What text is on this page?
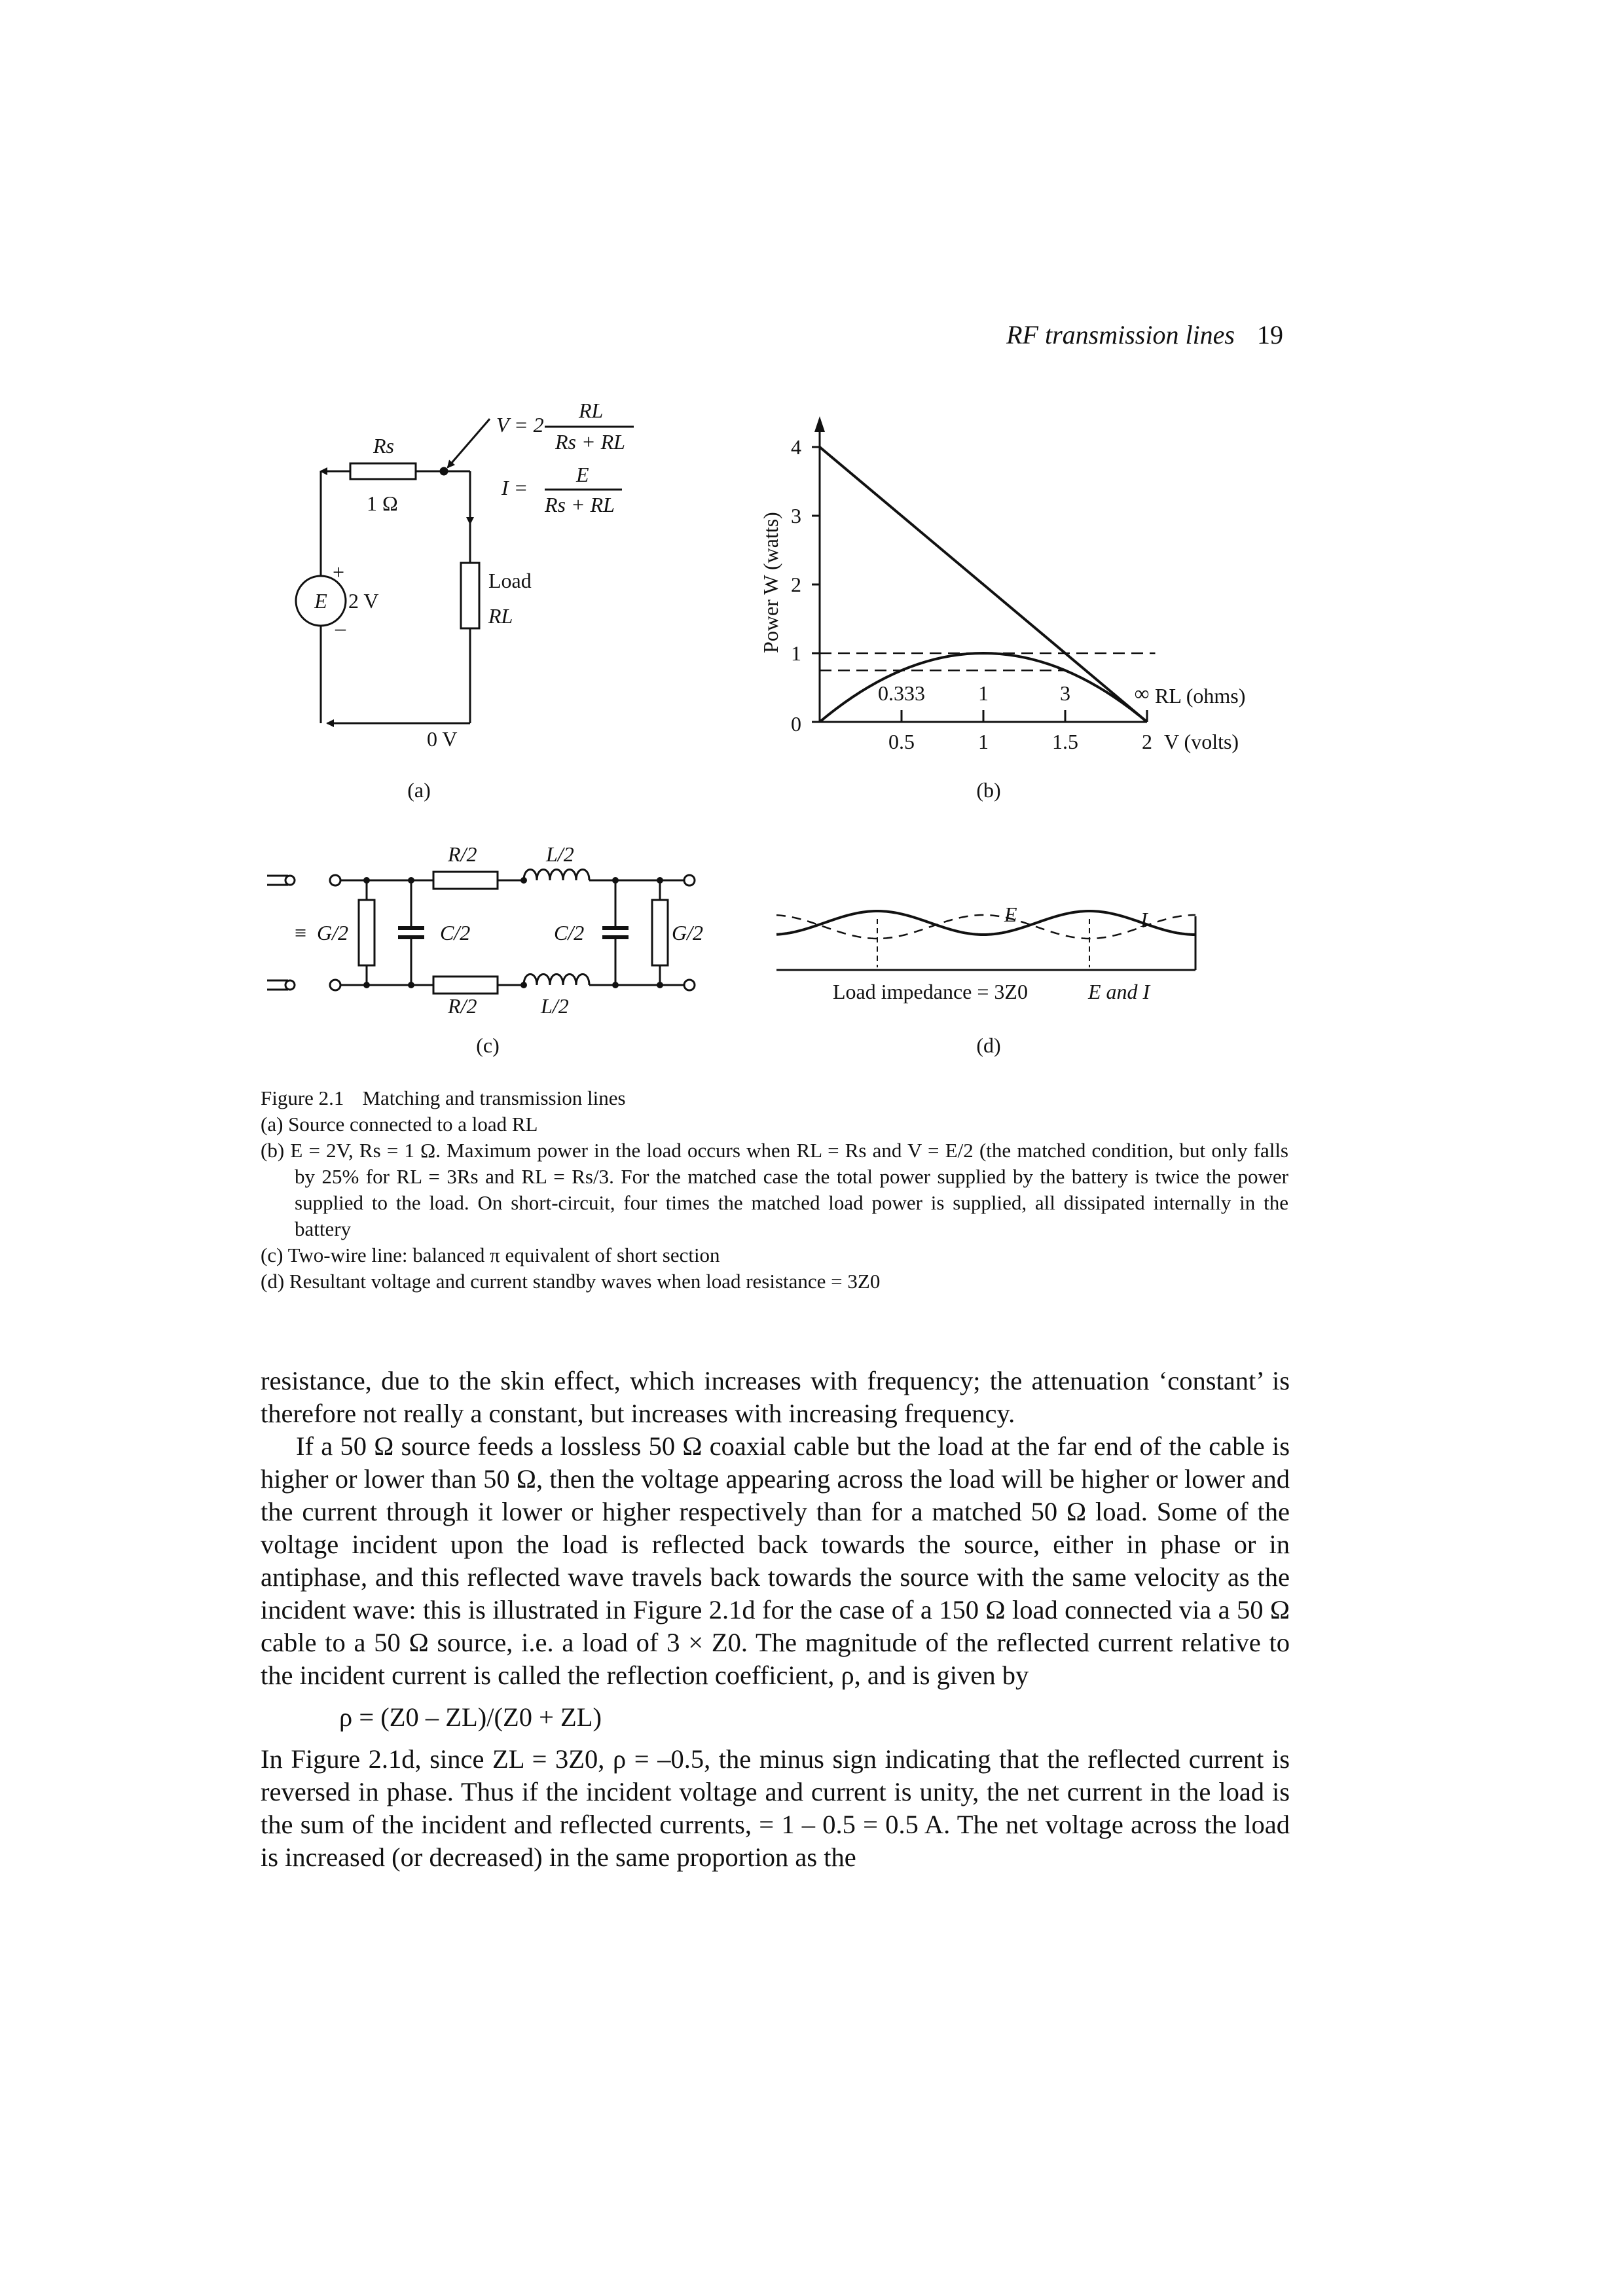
RF transmission lines 19
Rs
1 Ω
E 2 V
+
–
Load
RL
0 V
V = 2
RL
Rs + RL
I =
E
Rs + RL
(a)
Power W (watts)
V (volts)
RL (ohms)
(b)
0
1
2
3
4
0.5	1	1.5	2
0.333	1	3	∞
≡ G/2	C/2	C/2	G/2
R/2	L/2
R/2	L/2
(c)
E	I
Load impedance = 3Z0	E and I
(d)
Figure 2.1 Matching and transmission lines
(a) Source connected to a load RL
(b) E = 2V, Rs = 1 Ω. Maximum power in the load occurs when RL = Rs and V = E/2 (the matched condition, but only falls by 25% for RL = 3Rs and RL = Rs/3. For the matched case the total power supplied by the battery is twice the power supplied to the load. On short-circuit, four times the matched load power is supplied, all dissipated internally in the battery
(c) Two-wire line: balanced π equivalent of short section
(d) Resultant voltage and current standby waves when load resistance = 3Z0

resistance, due to the skin effect, which increases with frequency; the attenuation ‘constant’ is therefore not really a constant, but increases with increasing frequency.

If a 50 Ω source feeds a lossless 50 Ω coaxial cable but the load at the far end of the cable is higher or lower than 50 Ω, then the voltage appearing across the load will be higher or lower and the current through it lower or higher respectively than for a matched 50 Ω load. Some of the voltage incident upon the load is reflected back towards the source, either in phase or in antiphase, and this reflected wave travels back towards the source with the same velocity as the incident wave: this is illustrated in Figure 2.1d for the case of a 150 Ω load connected via a 50 Ω cable to a 50 Ω source, i.e. a load of 3 × Z0. The magnitude of the reflected current relative to the incident current is called the reflection coefficient, ρ, and is given by

ρ = (Z0 – ZL)/(Z0 + ZL)

In Figure 2.1d, since ZL = 3Z0, ρ = –0.5, the minus sign indicating that the reflected current is reversed in phase. Thus if the incident voltage and current is unity, the net current in the load is the sum of the incident and reflected currents, = 1 – 0.5 = 0.5 A. The net voltage across the load is increased (or decreased) in the same proportion as the
